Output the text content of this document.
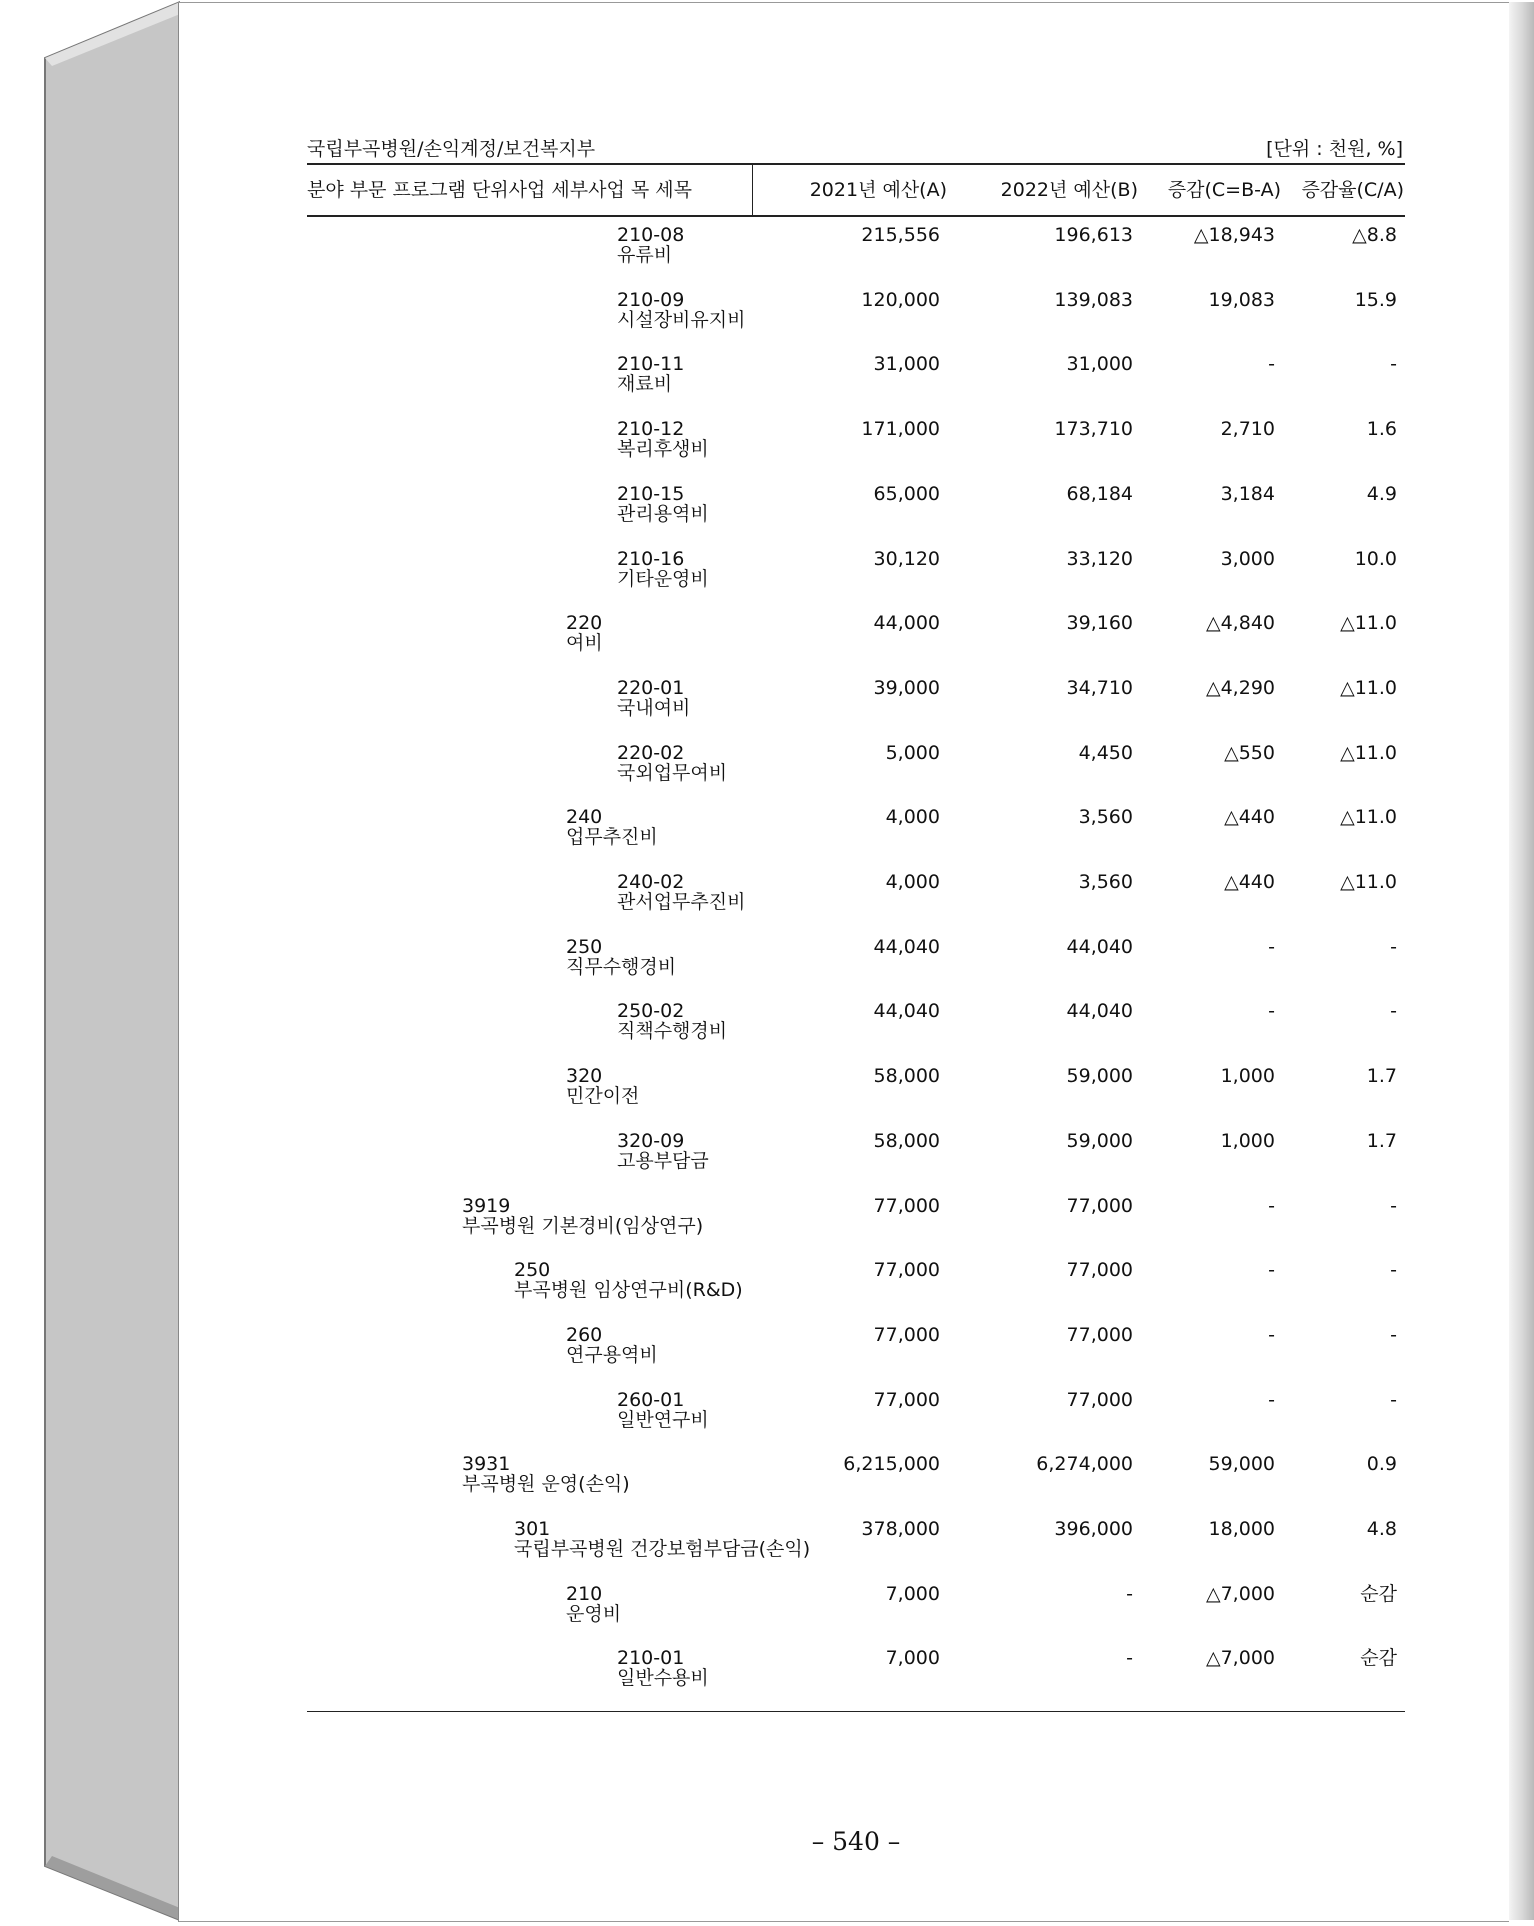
국립부곡병원/손익계정/보건복지부	[단위 : 천원, %]
분야 부문 프로그램 단위사업 세부사업 목 세목	2021년 예산(A)	2022년 예산(B) 증감(C=B-A) 증감율(C/A)
210-08
유류비
215,556	196,613	△18,943	△8.8
210-09
시설장비유지비
120,000	139,083	19,083	15.9
210-11
재료비
31,000	31,000	-	-
210-12
복리후생비
171,000	173,710	2,710	1.6
210-15
관리용역비
65,000	68,184	3,184	4.9
210-16
기타운영비
30,120	33,120	3,000	10.0
220
여비
44,000	39,160	△4,840	△11.0
220-01
국내여비
39,000	34,710	△4,290	△11.0
220-02
국외업무여비
5,000	4,450	△550	△11.0
240
업무추진비
4,000	3,560	△440	△11.0
240-02
관서업무추진비
4,000	3,560	△440	△11.0
250
직무수행경비
44,040	44,040	-	-
250-02
직책수행경비
44,040	44,040	-	-
320
민간이전
58,000	59,000	1,000	1.7
320-09
고용부담금
58,000	59,000	1,000	1.7
3919
부곡병원 기본경비(임상연구)
77,000	77,000	-	-
250
부곡병원 임상연구비(R&D)
77,000	77,000	-	-
260
연구용역비
77,000	77,000	-	-
260-01
일반연구비
77,000	77,000	-	-
3931
부곡병원 운영(손익)
6,215,000	6,274,000	59,000	0.9
301
국립부곡병원 건강보험부담금(손익)
378,000	396,000	18,000	4.8
210
운영비
7,000	-	△7,000	순감
210-01
일반수용비
7,000	-	△7,000	순감
– 540 –
